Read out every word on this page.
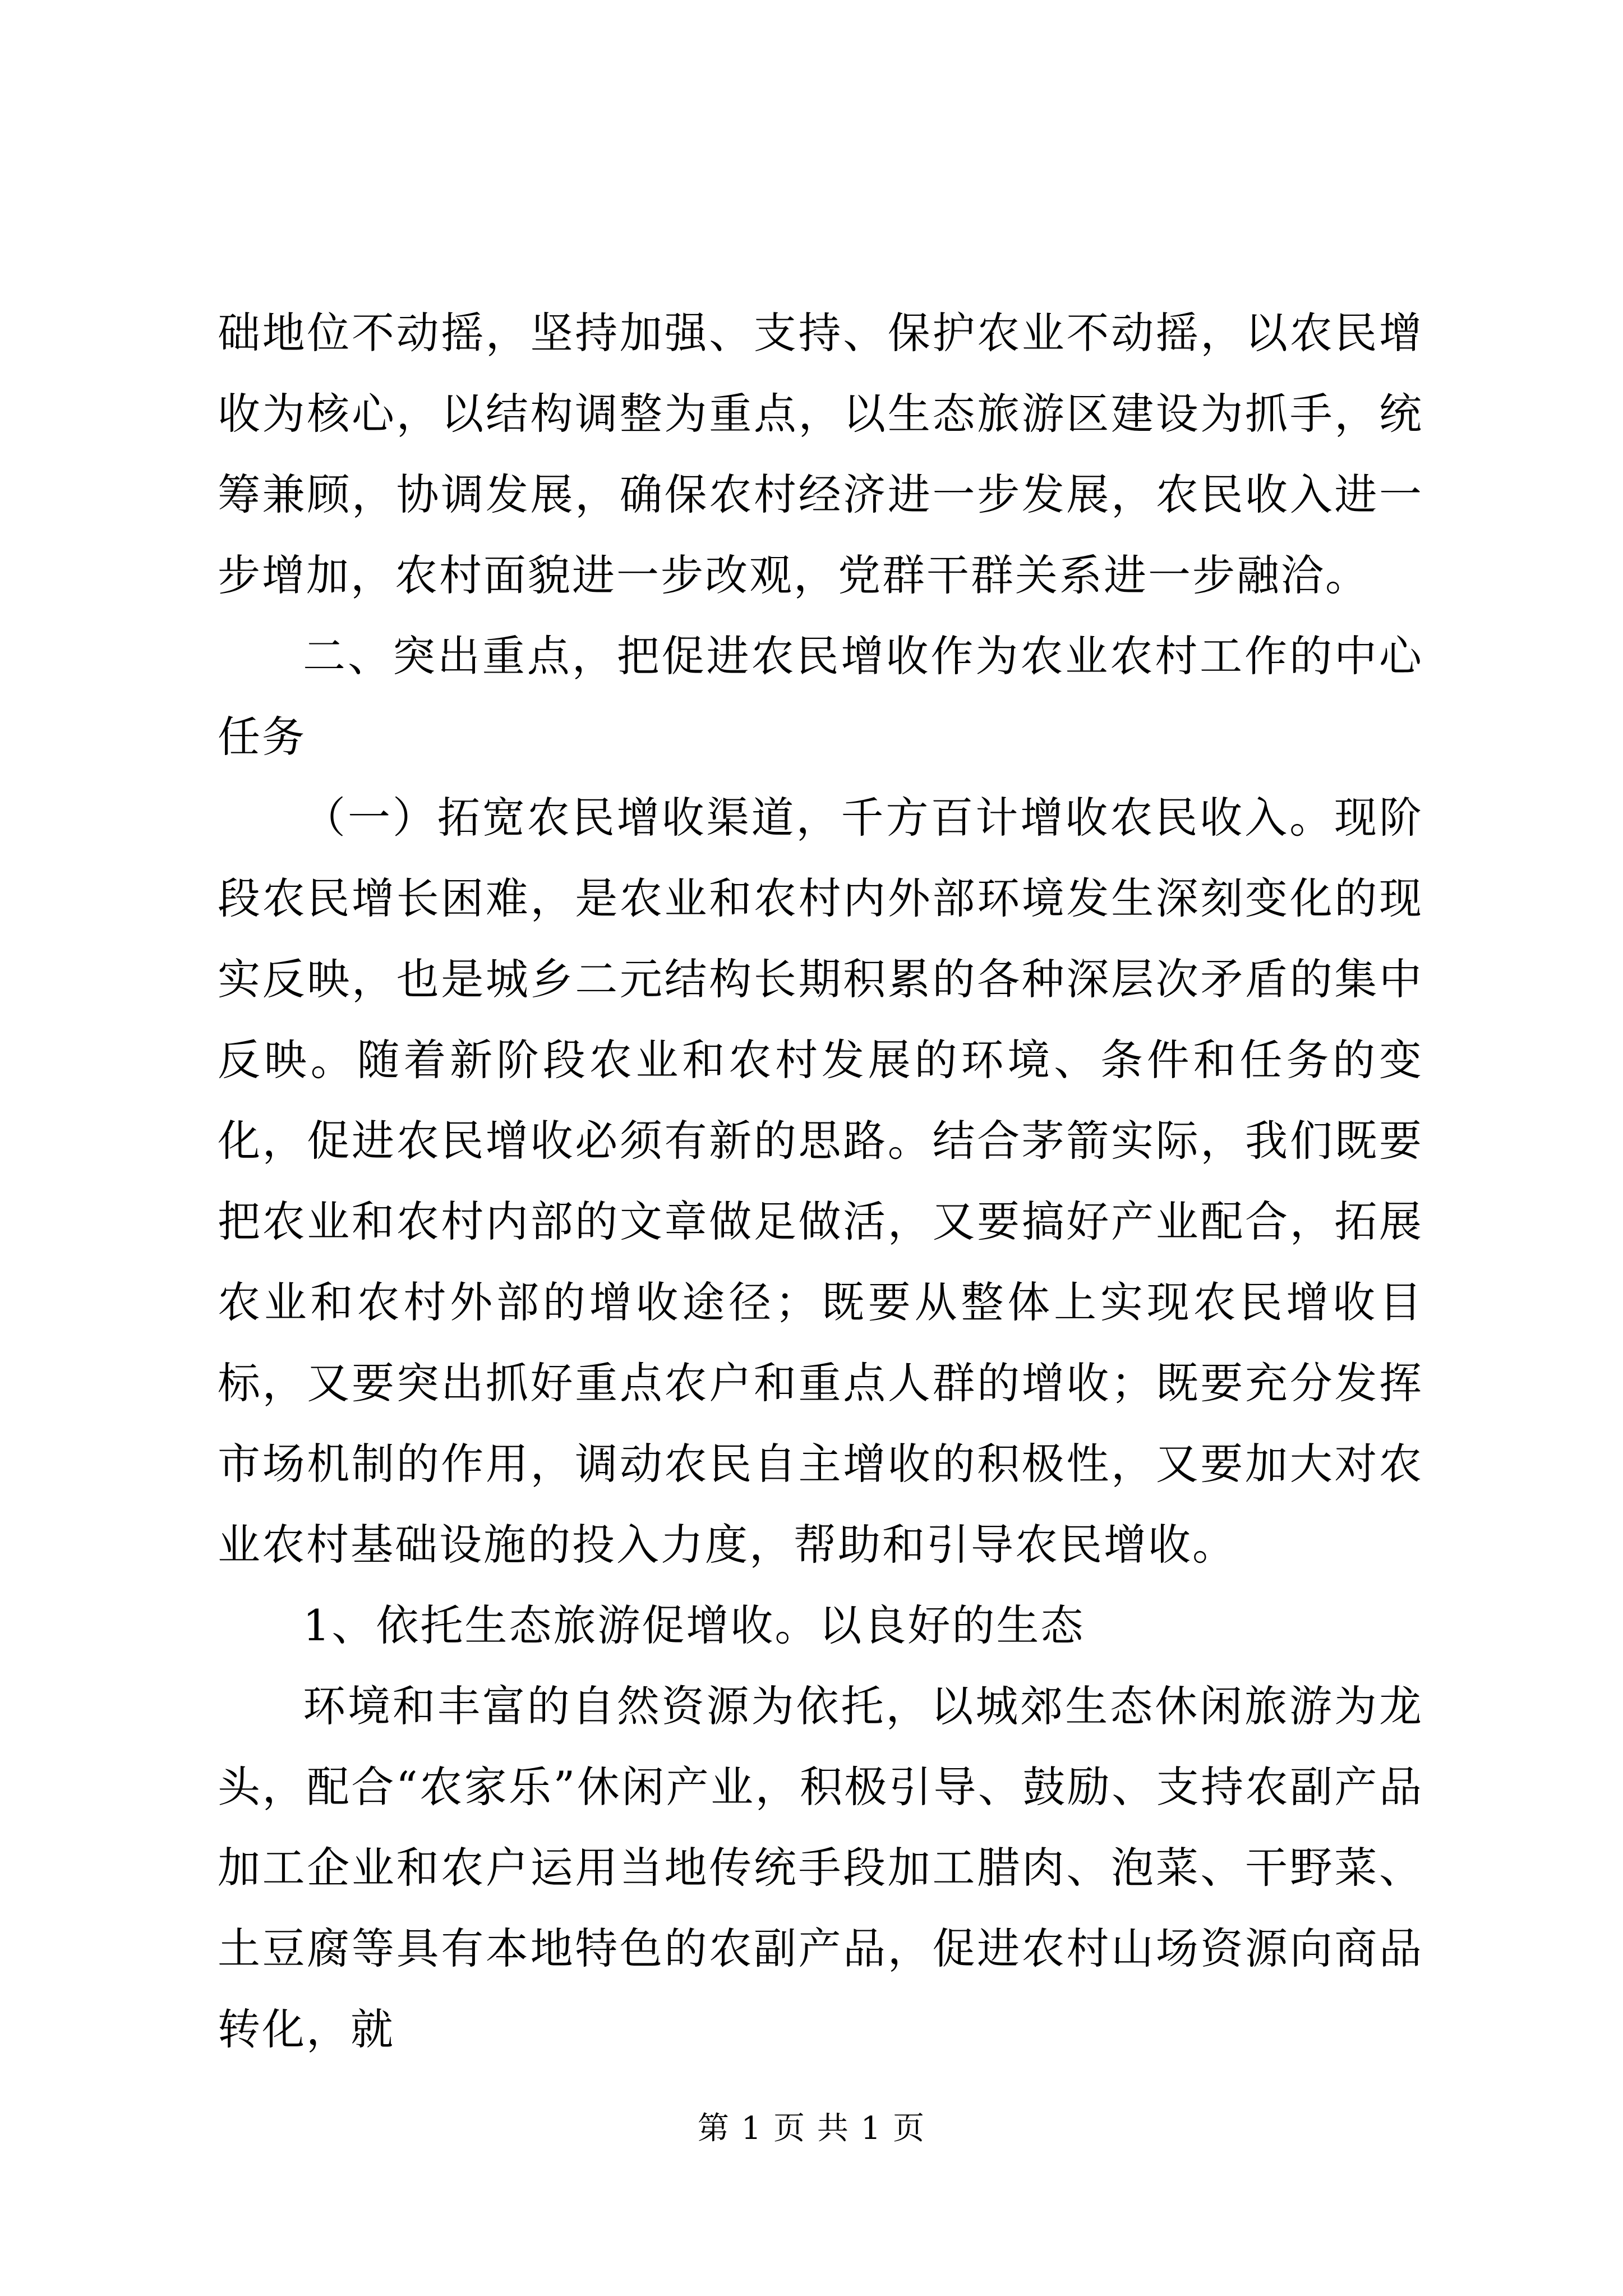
础地位不动摇，坚持加强、支持、保护农业不动摇，以农民增收为核心，以结构调整为重点，以生态旅游区建设为抓手，统筹兼顾，协调发展，确保农村经济进一步发展，农民收入进一步增加，农村面貌进一步改观，党群干群关系进一步融洽。

二、突出重点，把促进农民增收作为农业农村工作的中心任务

（一）拓宽农民增收渠道，千方百计增收农民收入。现阶段农民增长困难，是农业和农村内外部环境发生深刻变化的现实反映，也是城乡二元结构长期积累的各种深层次矛盾的集中反映。随着新阶段农业和农村发展的环境、条件和任务的变化，促进农民增收必须有新的思路。结合茅箭实际，我们既要把农业和农村内部的文章做足做活，又要搞好产业配合，拓展农业和农村外部的增收途径；既要从整体上实现农民增收目标，又要突出抓好重点农户和重点人群的增收；既要充分发挥市场机制的作用，调动农民自主增收的积极性，又要加大对农业农村基础设施的投入力度，帮助和引导农民增收。

1、依托生态旅游促增收。以良好的生态

环境和丰富的自然资源为依托，以城郊生态休闲旅游为龙头，配合“农家乐”休闲产业，积极引导、鼓励、支持农副产品加工企业和农户运用当地传统手段加工腊肉、泡菜、干野菜、土豆腐等具有本地特色的农副产品，促进农村山场资源向商品转化，就

第 1 页 共 1 页
